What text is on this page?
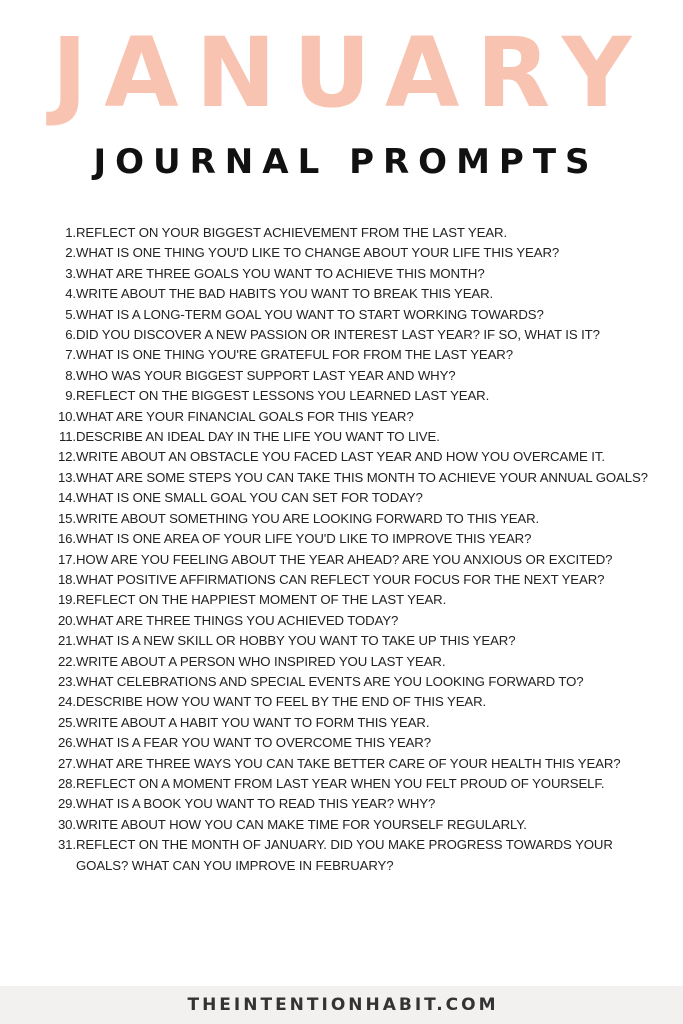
JANUARY
JOURNAL PROMPTS
1. REFLECT ON YOUR BIGGEST ACHIEVEMENT FROM THE LAST YEAR.
2. WHAT IS ONE THING YOU'D LIKE TO CHANGE ABOUT YOUR LIFE THIS YEAR?
3. WHAT ARE THREE GOALS YOU WANT TO ACHIEVE THIS MONTH?
4. WRITE ABOUT THE BAD HABITS YOU WANT TO BREAK THIS YEAR.
5. WHAT IS A LONG-TERM GOAL YOU WANT TO START WORKING TOWARDS?
6. DID YOU DISCOVER A NEW PASSION OR INTEREST LAST YEAR? IF SO, WHAT IS IT?
7. WHAT IS ONE THING YOU'RE GRATEFUL FOR FROM THE LAST YEAR?
8. WHO WAS YOUR BIGGEST SUPPORT LAST YEAR AND WHY?
9. REFLECT ON THE BIGGEST LESSONS YOU LEARNED LAST YEAR.
10. WHAT ARE YOUR FINANCIAL GOALS FOR THIS YEAR?
11. DESCRIBE AN IDEAL DAY IN THE LIFE YOU WANT TO LIVE.
12. WRITE ABOUT AN OBSTACLE YOU FACED LAST YEAR AND HOW YOU OVERCAME IT.
13. WHAT ARE SOME STEPS YOU CAN TAKE THIS MONTH TO ACHIEVE YOUR ANNUAL GOALS?
14. WHAT IS ONE SMALL GOAL YOU CAN SET FOR TODAY?
15. WRITE ABOUT SOMETHING YOU ARE LOOKING FORWARD TO THIS YEAR.
16. WHAT IS ONE AREA OF YOUR LIFE YOU'D LIKE TO IMPROVE THIS YEAR?
17. HOW ARE YOU FEELING ABOUT THE YEAR AHEAD? ARE YOU ANXIOUS OR EXCITED?
18. WHAT POSITIVE AFFIRMATIONS CAN REFLECT YOUR FOCUS FOR THE NEXT YEAR?
19. REFLECT ON THE HAPPIEST MOMENT OF THE LAST YEAR.
20. WHAT ARE THREE THINGS YOU ACHIEVED TODAY?
21. WHAT IS A NEW SKILL OR HOBBY YOU WANT TO TAKE UP THIS YEAR?
22. WRITE ABOUT A PERSON WHO INSPIRED YOU LAST YEAR.
23. WHAT CELEBRATIONS AND SPECIAL EVENTS ARE YOU LOOKING FORWARD TO?
24. DESCRIBE HOW YOU WANT TO FEEL BY THE END OF THIS YEAR.
25. WRITE ABOUT A HABIT YOU WANT TO FORM THIS YEAR.
26. WHAT IS A FEAR YOU WANT TO OVERCOME THIS YEAR?
27. WHAT ARE THREE WAYS YOU CAN TAKE BETTER CARE OF YOUR HEALTH THIS YEAR?
28. REFLECT ON A MOMENT FROM LAST YEAR WHEN YOU FELT PROUD OF YOURSELF.
29. WHAT IS A BOOK YOU WANT TO READ THIS YEAR? WHY?
30. WRITE ABOUT HOW YOU CAN MAKE TIME FOR YOURSELF REGULARLY.
31. REFLECT ON THE MONTH OF JANUARY. DID YOU MAKE PROGRESS TOWARDS YOUR GOALS? WHAT CAN YOU IMPROVE IN FEBRUARY?
THEINTENTIONHABIT.COM
